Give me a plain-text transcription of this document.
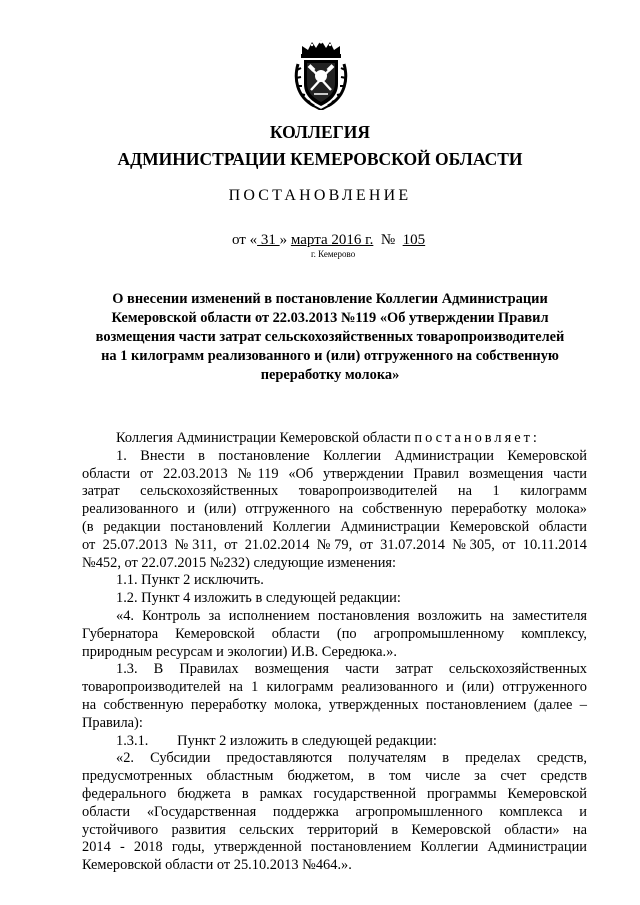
КОЛЛЕГИЯ
АДМИНИСТРАЦИИ КЕМЕРОВСКОЙ ОБЛАСТИ
ПОСТАНОВЛЕНИЕ
от « 31 » марта 2016 г. № 105
г. Кемерово
О внесении изменений в постановление Коллегии Администрации
Кемеровской области от 22.03.2013 №119 «Об утверждении Правил
возмещения части затрат сельскохозяйственных товаропроизводителей
на 1 килограмм реализованного и (или) отгруженного на собственную
переработку молока»
Коллегия Администрации Кемеровской области постановляет:
1. Внести в постановление Коллегии Администрации Кемеровской
области от 22.03.2013 №119 «Об утверждении Правил возмещения части
затрат сельскохозяйственных товаропроизводителей на 1 килограмм
реализованного и (или) отгруженного на собственную переработку молока»
(в редакции постановлений Коллегии Администрации Кемеровской области
от 25.07.2013 №311, от 21.02.2014 №79, от 31.07.2014 №305, от 10.11.2014
№452, от 22.07.2015 №232) следующие изменения:
1.1. Пункт 2 исключить.
1.2. Пункт 4 изложить в следующей редакции:
«4. Контроль за исполнением постановления возложить на заместителя
Губернатора Кемеровской области (по агропромышленному комплексу,
природным ресурсам и экологии) И.В. Середюка.».
1.3. В Правилах возмещения части затрат сельскохозяйственных
товаропроизводителей на 1 килограмм реализованного и (или) отгруженного
на собственную переработку молока, утвержденных постановлением (далее –
Правила):
1.3.1.        Пункт 2 изложить в следующей редакции:
«2. Субсидии предоставляются получателям в пределах средств,
предусмотренных областным бюджетом, в том числе за счет средств
федерального бюджета в рамках государственной программы Кемеровской
области «Государственная поддержка агропромышленного комплекса и
устойчивого развития сельских территорий в Кемеровской области» на
2014 - 2018 годы, утвержденной постановлением Коллегии Администрации
Кемеровской области от 25.10.2013 №464.».
